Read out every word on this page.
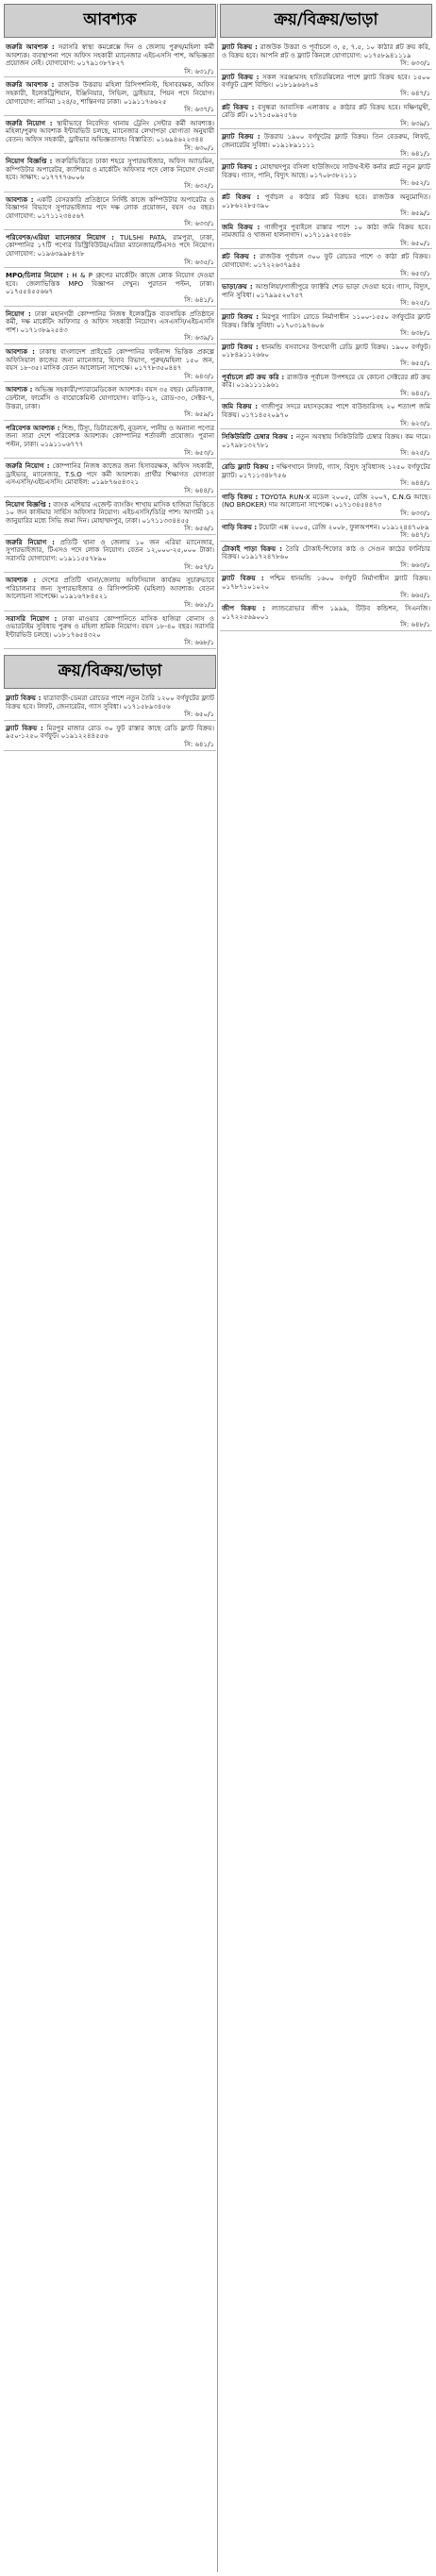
আবশ্যক
জরুরি আবশ্যক : সরাসরি স্বাস্থ্য কমপ্লেক্সে দিন ও জেলায় পুরুষ/মহিলা কর্মী আবশ্যক। ব্যবস্থাপনা পদে অফিস সহকারী ম্যানেজার এইচএসসি পাশ, অভিজ্ঞতা প্রয়োজন নেই। যোগাযোগ: ০১৭৯১৩৮৭৮২৭
সি: ৬৩১/১
জরুরি আবশ্যক : রাজউক উত্তরায় মহিলা রিসিপশনিস্ট, হিসাবরক্ষক, অফিস সহকারী, ইলেকট্রিশিয়ান, ইঞ্জিনিয়ার, সিভিল, ড্রাইভার, পিয়ন পদে নিয়োগ। যোগাযোগ: নাসিমা ১২৪/৫, শান্তিনগর ঢাকা। ০১৯১১৭৬৬২৫
সি: ৬৩৭/১
জরুরি নিয়োগ : স্থায়ীভাবে নিবেদিত থানায় ট্রেনিং সেন্টার কর্মী আবশ্যক। মহিলা/পুরুষ আবশ্যক ইন্টারভিউ চলছে, ম্যানেজার লেখাপড়া যোগ্যতা অনুযায়ী বেতন। অফিস সহকারী, ড্রাইভার অভিজ্ঞতাসহ। বিস্তারিত: ০১৬৯৪৬২২৩৪৪
সি: ৬৩০/১
নিয়োগ বিজ্ঞপ্তি : জরুরিভিত্তিতে ঢাকা শহরে সুপারভাইজার, অফিস অ্যাডমিন, কম্পিউটার অপারেটর, ক্যাশিয়ার ও মার্কেটিং অফিসার পদে লোক নিয়োগ দেওয়া হবে। সাক্ষাৎ: ০১৭৭৭৭৬০০৬
সি: ৬৩২/১
আবশ্যক : একটি বেসরকারি প্রতিষ্ঠানে নির্দিষ্ট কাজে কম্পিউটার অপারেটর ও বিজ্ঞাপন বিভাগে সুপারভাইজার পদে দক্ষ লোক প্রয়োজন, বয়স ৩৫ বছর। যোগাযোগ: ০১৭১১২৩৪৫৬৭
সি: ৬৩৩/১
পরিবেশক/এরিয়া ম্যানেজার নিয়োগ : TULSHI PATA, রামপুরা, ঢাকা, কোম্পানির ১৭টি পণ্যের ডিস্ট্রিবিউটর/এরিয়া ম্যানেজার/টিএসও পদে নিয়োগ। যোগাযোগ: ০১৯৬৩৯৯৮৪৭৮
সি: ৬৩৫/১
MPO/চিলার নিয়োগ : H & P গ্রুপের মার্কেটিং কাজে লোক নিয়োগ দেওয়া হবে। জেলাভিত্তিক MPO বিজ্ঞাপন দেখুন। পুরাতন পল্টন, ঢাকা। ০১৭৫৫৪৫৫৬৬৭
সি: ৬৪১/১
নিয়োগ : ঢাকা মহানগরী কোম্পানির নিজস্ব ইলেকট্রিক ব্যবসায়িক প্রতিষ্ঠানে কর্মী, দক্ষ মার্কেটিং অফিসার ও অফিস সহকারী নিয়োগ। এসএসসি/এইচএসসি পাশ। ০১৭১৩৮৯২৫৪৩
সি: ৬৩৯/১
আবশ্যক : ঢাকাস্থ বাংলাদেশ প্রাইভেট কোম্পানির ফাইনান্স ভিত্তিক প্রকল্পে অফিসিয়াল কাজের জন্য ম্যানেজার, হিসাব বিভাগ, পুরুষ/মহিলা ১৫০ জন, বয়স ১৮-৩৫। মাসিক বেতন আলোচনা সাপেক্ষে। ০১৭৭৮৩৫০৪৪৭
সি: ৬৪৩/১
আবশ্যক : অভিজ্ঞ সহকারী/প্যারামেডিকেল আবশ্যক। বয়স ৩৫ বছর। মেডিক্যাল, ডেন্টাল, ফার্মেসি ও বায়োকেমিস্ট যোগাযোগ। বাড়ি-১২, রোড-৩৩, সেক্টর-৭, উত্তরা, ঢাকা।
সি: ৬৫৯/১
পরিবেশক আবশ্যক : শিশু, টিস্যু, ডিটারজেন্ট, নুডলস, পানীয় ও অন্যান্য পণ্যের জন্য সারা দেশে পরিবেশক আবশ্যক। কোম্পানির শর্তাবলী প্রযোজ্য। পুরানা পল্টন, ঢাকা। ০১৯১১০৬৭৭৭
সি: ৬৫৩/১
জরুরি নিয়োগ : কোম্পানির নিজস্ব কাজের জন্য হিসাবরক্ষক, অফিস সহকারী, ড্রাইভার, ম্যানেজার, T.S.O পদে কর্মী আবশ্যক। প্রার্থীর শিক্ষাগত যোগ্যতা এসএসসি/এইচএসসি। মোবাইল: ০১৯৮৭৬৫৪৩২১
সি: ৬৪৪/১
নিয়োগ বিজ্ঞপ্তি : ব্যাংক এশিয়ার এজেন্ট ব্যাংকিং শাখায় মাসিক হাজিরা ভিত্তিতে ১০ জন কাস্টমার সার্ভিস অফিসার নিয়োগ। এইচএসসি/ডিগ্রি পাশ। আগামী ১২ জানুয়ারির মধ্যে সিভি জমা দিন। মোহাম্মদপুর, ঢাকা। ০১৭১১৩৩৪৪৫৫
সি: ৬৫৬/১
জরুরি নিয়োগ : প্রতিটি থানা ও জেলায় ১০ জন এরিয়া ম্যানেজার, সুপারভাইজার, টিএসও পদে লোক নিয়োগ। বেতন ১২,০০০-২৫,০০০ টাকা। সরাসরি যোগাযোগ: ০১৯১১৫৫৭৮৯০
সি: ৬৫৭/১
আবশ্যক : দেশের প্রতিটি থানা/জেলায় অফিসিয়াল কার্যক্রম সুচারুভাবে পরিচালনার জন্য সুপারভাইজার ও রিসিপশনিস্ট (মহিলা) আবশ্যক। বেতন আলোচনা সাপেক্ষে। ০১৯১৬৭৮৪৫২১
সি: ৬৬১/১
সরাসরি নিয়োগ : ঢাকা মাওয়ার কোম্পানিতে মাসিক হাজিরা বোনাস ও ওভারটাইম সুবিধায় পুরুষ ও মহিলা শ্রমিক নিয়োগ। বয়স ১৮-৪০ বছর। সরাসরি ইন্টারভিউ চলছে। ০১৮১৭৬৫৪৩২০
সি: ৬৬৮/১
ক্রয়/বিক্রয়/ভাড়া
ফ্ল্যাট বিক্রয় : যাত্রাবাড়ী-ডেমরা রোডের পাশে নতুন তৈরি ১২০০ বর্গফুটের ফ্ল্যাট বিক্রয় হবে। লিফট, জেনারেটর, গ্যাস সুবিধা। ০১৭১৫৮৯৩৪৫৬
সি: ৬৫০/১
ফ্ল্যাট বিক্রয় : মিরপুর মাজার রোড ৩০ ফুট রাস্তার কাছে রেডি ফ্ল্যাট বিক্রয়। ৯৫০-১২৫০ বর্গফুট। ০১৯১২২৪৪৫৫৬
সি: ৬৪১/১
ক্রয়/বিক্রয়/ভাড়া
ফ্ল্যাট বিক্রয় : রাজউক উত্তরা ও পূর্বাচলে ৩, ৫, ৭.৫, ১০ কাঠার প্লট ক্রয় করি, ও বিক্রয় হবে। আপনি প্লট ও ফ্ল্যাট কিনলে যোগাযোগ: ০১৭৫৮৯৪১১১৯
সি: ৬৩৩/১
ফ্ল্যাট বিক্রয় : সকল সরঞ্জামসহ হাতিরঝিলের পাশে ফ্ল্যাট বিক্রয় হবে। ১৫০০ বর্গফুট ফ্রেশ বিল্ডিং। ০১৮১৯৬৬৭০৪
সি: ৬৪৭/১
প্লট বিক্রয় : বসুন্ধরা আবাসিক এলাকায় ৫ কাঠার প্লট বিক্রয় হবে। দক্ষিণমুখী, রেডি প্লট। ০১৭১৫০৯২৫৭৬
সি: ৬৩৯/১
ফ্ল্যাট বিক্রয় : উত্তরায় ১৯০০ বর্গফুটের ফ্ল্যাট বিক্রয়। তিন বেডরুম, লিফট, জেনারেটর সুবিধা। ০১৯১৮৯১১১১
সি: ৬৪১/১
ফ্ল্যাট বিক্রয় : মোহাম্মদপুর বসিলা হাউজিংয়ে সাউথ-ইস্ট কর্নার প্লটে নতুন ফ্ল্যাট বিক্রয়। গ্যাস, পানি, বিদ্যুৎ আছে। ০১৭০৮৩৮২১১১
সি: ৬৫২/১
প্লট বিক্রয় : পূর্বাচল ৫ কাঠার প্লট বিক্রয় হবে। রাজউক অনুমোদিত। ০১৮৬২২৮৫৩৯০
সি: ৬৫৯/১
জমি বিক্রয় : গাজীপুর পুবাইলে রাস্তার পাশে ১০ কাঠা জমি বিক্রয় হবে। নামজারি ও খাজনা হালনাগাদ। ০১৭১১৯২৫৩৪৮
সি: ৬৫০/১
প্লট বিক্রয় : রাজউক পূর্বাচল ৩০০ ফুট রোডের পাশে ৩ কাঠা প্লট বিক্রয়। যোগাযোগ: ০১৭২২৬৩৭৯৪৫
সি: ৬৫৩/১
ভাড়া/ক্রয় : আশুলিয়া/গাজীপুরে ফ্যাক্টরি শেড ভাড়া দেওয়া হবে। গ্যাস, বিদ্যুৎ, পানি সুবিধা। ০১৭৯৯৫২০৭৫৭
সি: ৬২৫/১
ফ্ল্যাট বিক্রয় : মিরপুর প্যারিস রোডে নির্মাণাধীন ১১০০-১৫৫০ বর্গফুটের ফ্ল্যাট বিক্রয়। কিস্তি সুবিধা। ০১৭০৩১৯৭৬০৬
সি: ৬৩৮/১
ফ্ল্যাট বিক্রয় : ধানমন্ডি বসবাসের উপযোগী রেডি ফ্ল্যাট বিক্রয়। ১৯০০ বর্গফুট। ০১৮৪৯১১২৬৬০
সি: ৬৫৫/১
পূর্বাচলে প্লট ক্রয় করি : রাজউক পূর্বাচল উপশহরে যে কোনো সেক্টরের প্লট ক্রয় করি। ০১৯১১১১৯৬১
সি: ৬৪৫/১
জমি বিক্রয় : গাজীপুর সদরে মহাসড়কের পাশে বাউন্ডারিসহ ২০ শতাংশ জমি বিক্রয়। ০১৭১৪৫২০৯৭০
সি: ৬২৩/১
সিকিউরিটি চেম্বার বিক্রয় : নতুন অবস্থায় সিকিউরিটি চেম্বার বিক্রয়। কম দামে। ০১৭৯৮১৩২৭৮১
সি: ৬২৫/১
রেডি ফ্ল্যাট বিক্রয় : দক্ষিণখানে লিফট, গ্যাস, বিদ্যুৎ সুবিধাসহ ১২৫০ বর্গফুটের ফ্ল্যাট। ০১৭১১৩৪৮৭৫৬
সি: ৬৪৪/১
গাড়ি বিক্রয় : TOYOTA RUN-X মডেল ২০০৫, রেজি ২০০৭, C.N.G আছে। (NO BROKER) দাম আলোচনা সাপেক্ষে। ০১৭১৩৪৫৪৪৭৩
সি: ৬৩৩/১
গাড়ি বিক্রয় : টয়োটা এক্স ২০০৫, রেজি ২০০৮, ফুলঅপশন। ০১৯১২৪৪৭০৮৯
সি: ৬৪৭/১
টোকাই পাড়া বিক্রয় : তৈরি টোকাই-শিফোর কাঠ ও সেগুন কাঠের ফার্নিচার বিক্রয়। ০১৯১৭২৪৭৮৬০
সি: ৬৬৩/১
ফ্ল্যাট বিক্রয় : পশ্চিম ধানমন্ডি ১৬০০ বর্গফুট নির্মাণাধীন ফ্ল্যাট বিক্রয়। ০১৭৮৭১০১০২০
সি: ৬৬৫/১
জীপ বিক্রয় : ল্যান্ডরোভার জীপ ১৯৯৯, টিউব কন্ডিশন, সিএনজি। ০১৭২২৫৬৯০০১
সি: ৬৪৮/১
